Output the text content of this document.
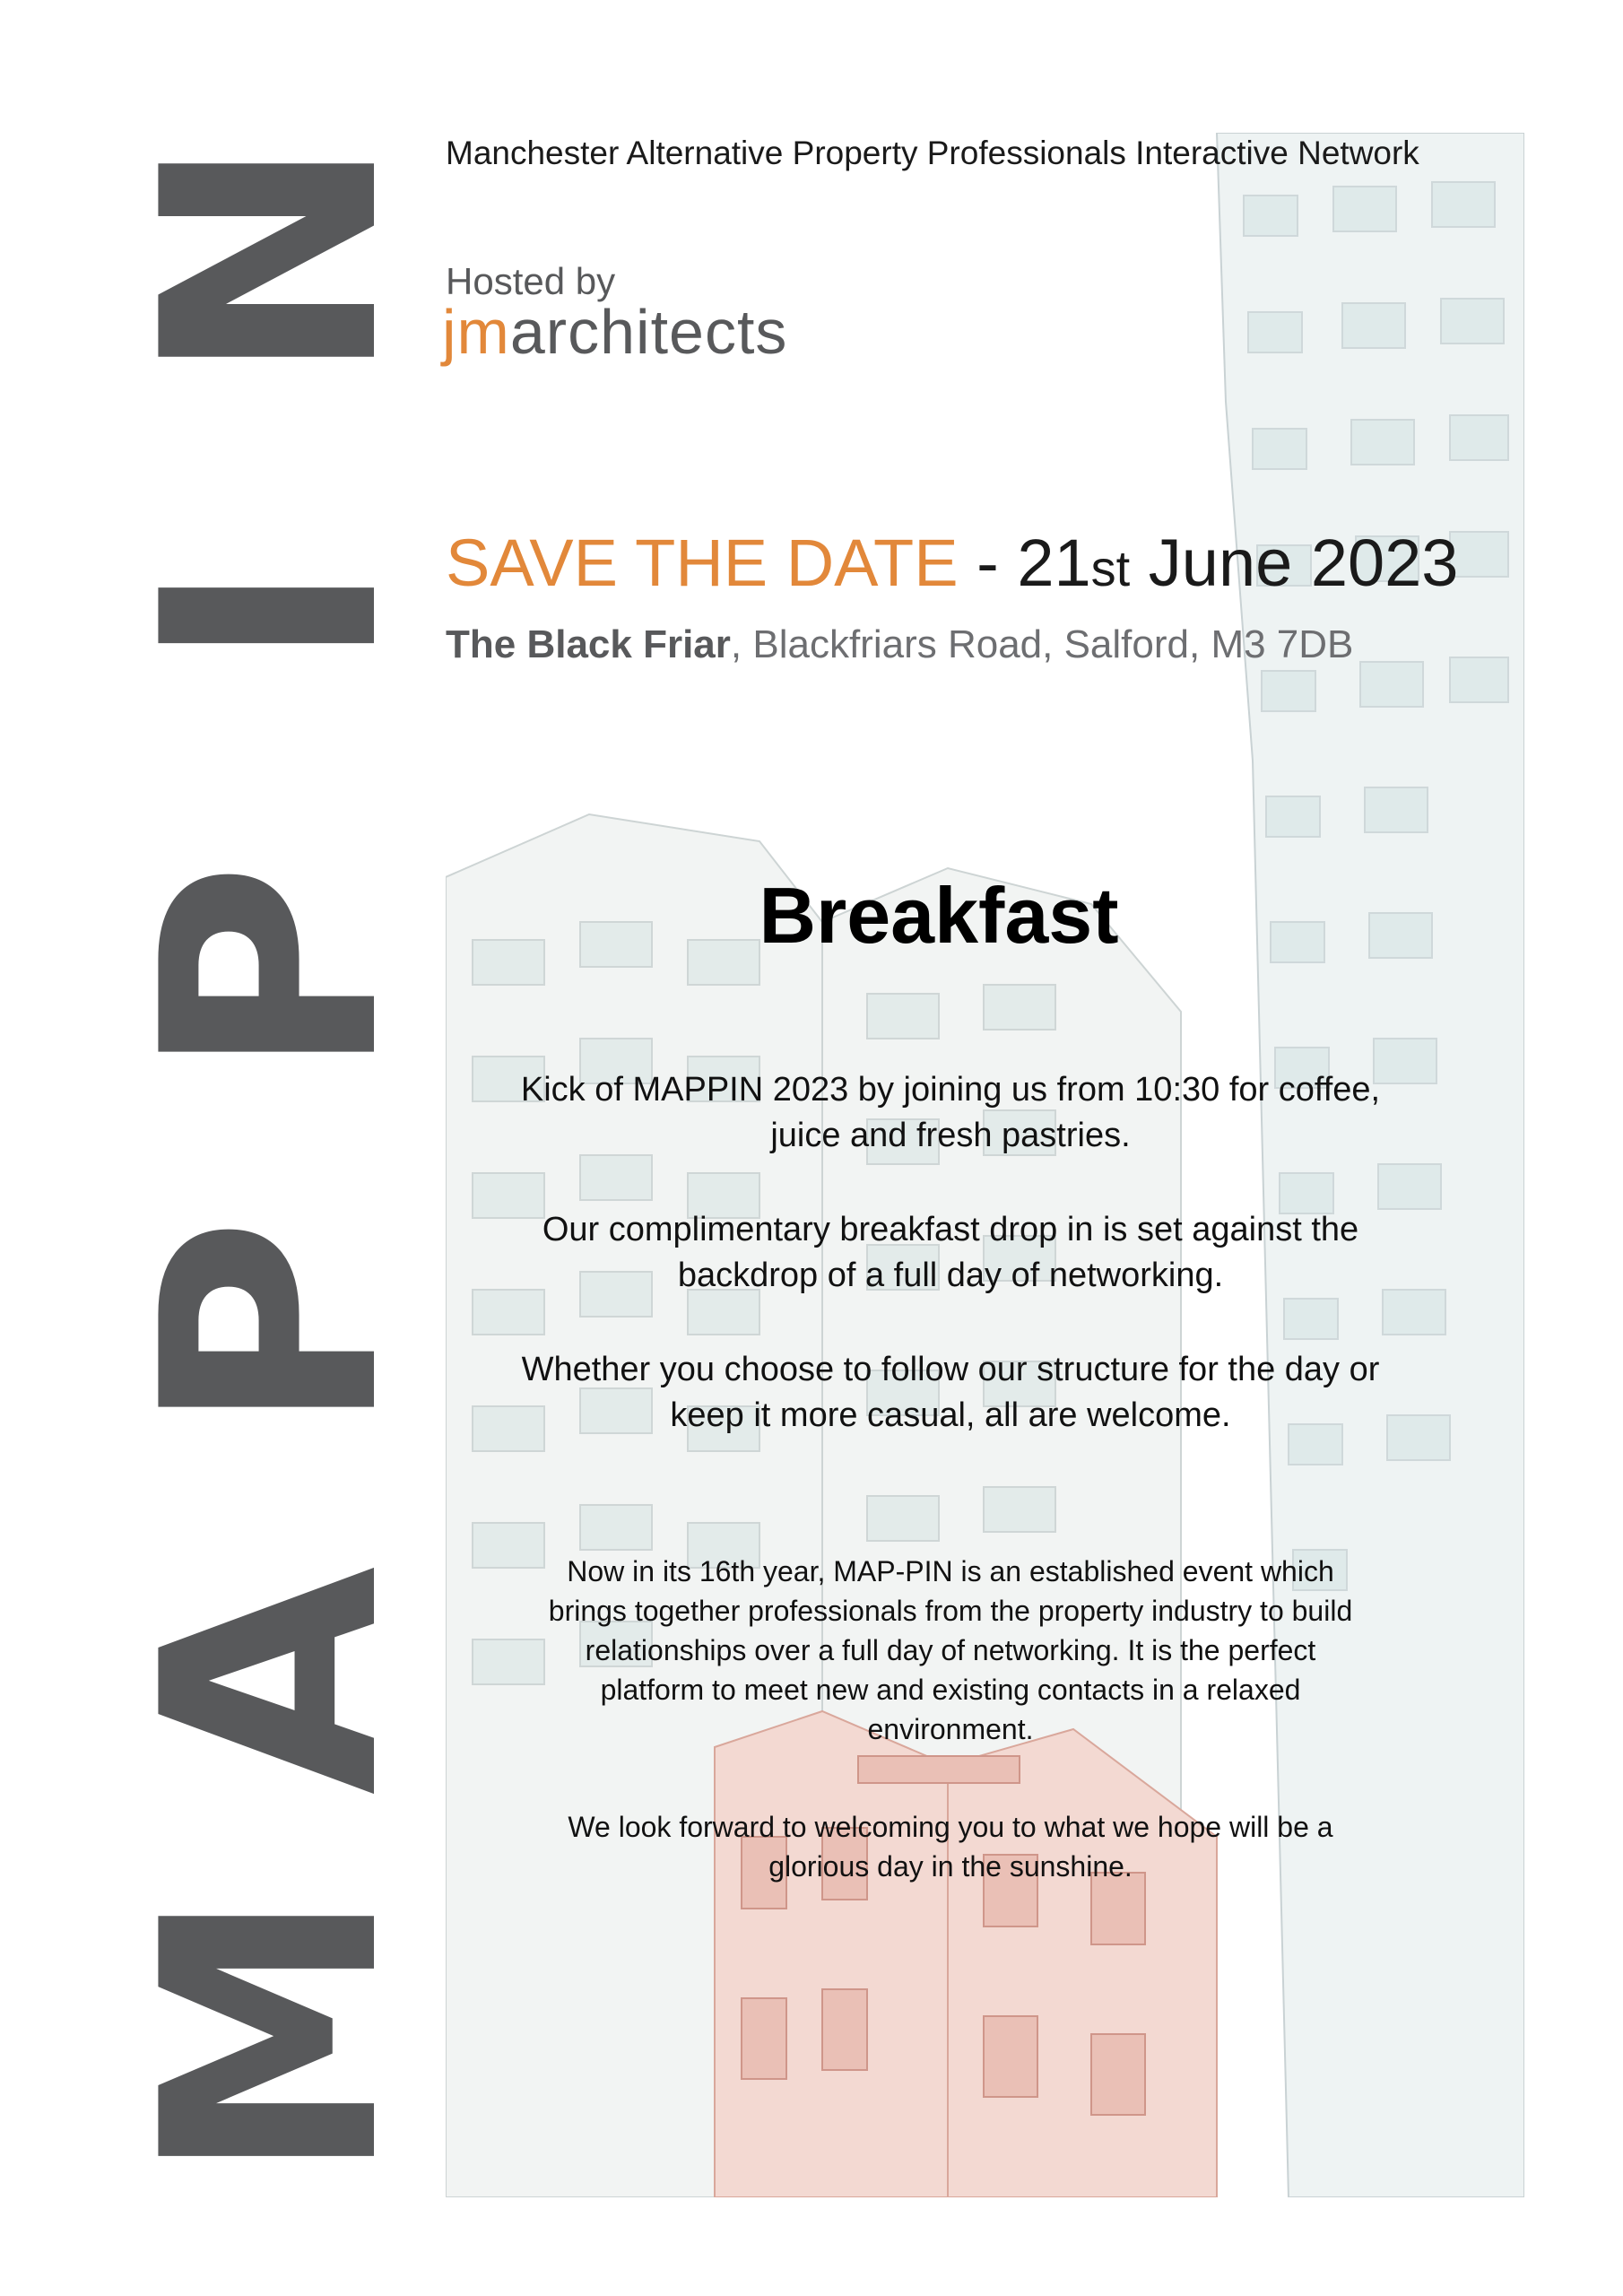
N
I
P
P
A
M
Manchester Alternative Property Professionals Interactive Network
Hosted by
jmarchitects
SAVE THE DATE - 21st June 2023
The Black Friar, Blackfriars Road, Salford, M3 7DB
Breakfast
Kick of MAPPIN 2023 by joining us from 10:30 for coffee, juice and fresh pastries.
Our complimentary breakfast drop in is set against the backdrop of a full day of networking.
Whether you choose to follow our structure for the day or keep it more casual, all are welcome.
Now in its 16th year, MAP-PIN is an established event which brings together professionals from the property industry to build relationships over a full day of networking. It is the perfect platform to meet new and existing contacts in a relaxed environment.
We look forward to welcoming you to what we hope will be a glorious day in the sunshine.
